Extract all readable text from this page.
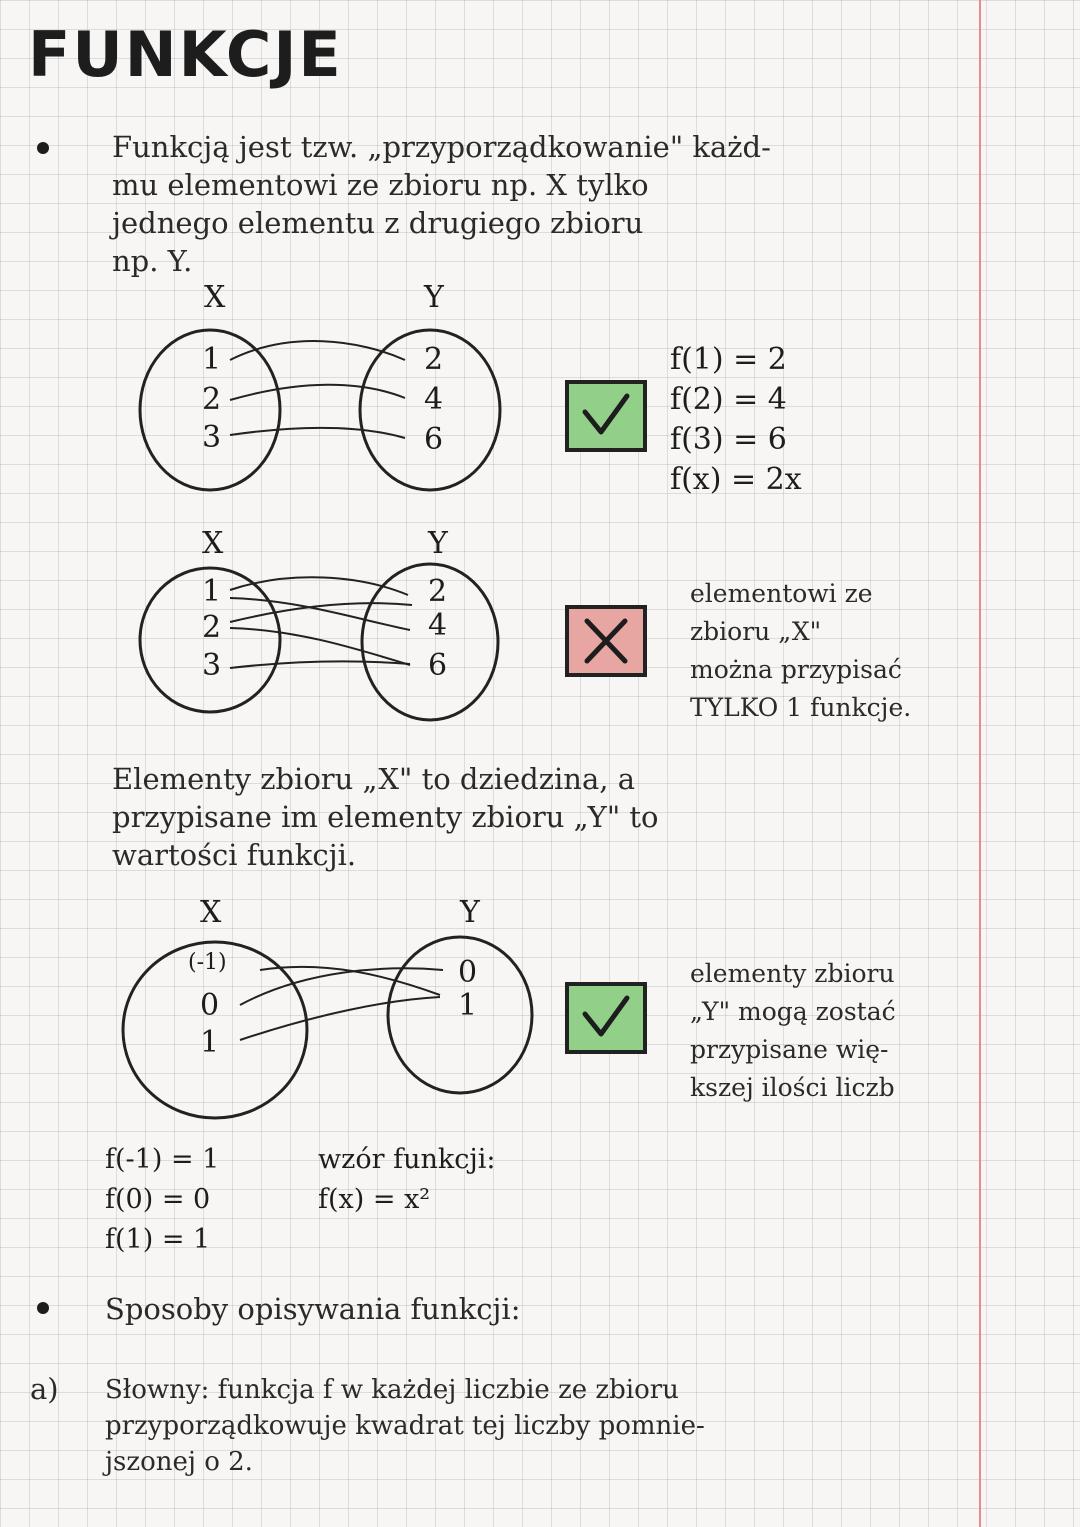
FUNKCJE
Funkcją jest tzw. „przyporządkowanie" każd-
mu elementowi ze zbioru np. X tylko
jednego elementu z drugiego zbioru
np. Y.
X	Y
1
2
3
2
4
6
f(1) = 2
f(2) = 4
f(3) = 6
f(x) = 2x
X	Y
1
2
3
2
4
6
elementowi ze
zbioru „X"
można przypisać
TYLKO 1 funkcje.
Elementy zbioru „X" to dziedzina, a
przypisane im elementy zbioru „Y" to
wartości funkcji.
X	Y
(-1)
0
1
0
1
elementy zbioru
„Y" mogą zostać
przypisane wię-
kszej ilości liczb
f(-1) = 1
f(0) = 0
f(1) = 1
wzór funkcji:
f(x) = x²
Sposoby opisywania funkcji:
a) Słowny: funkcja f w każdej liczbie ze zbioru
przyporządkowuje kwadrat tej liczby pomnie-
jszonej o 2.
